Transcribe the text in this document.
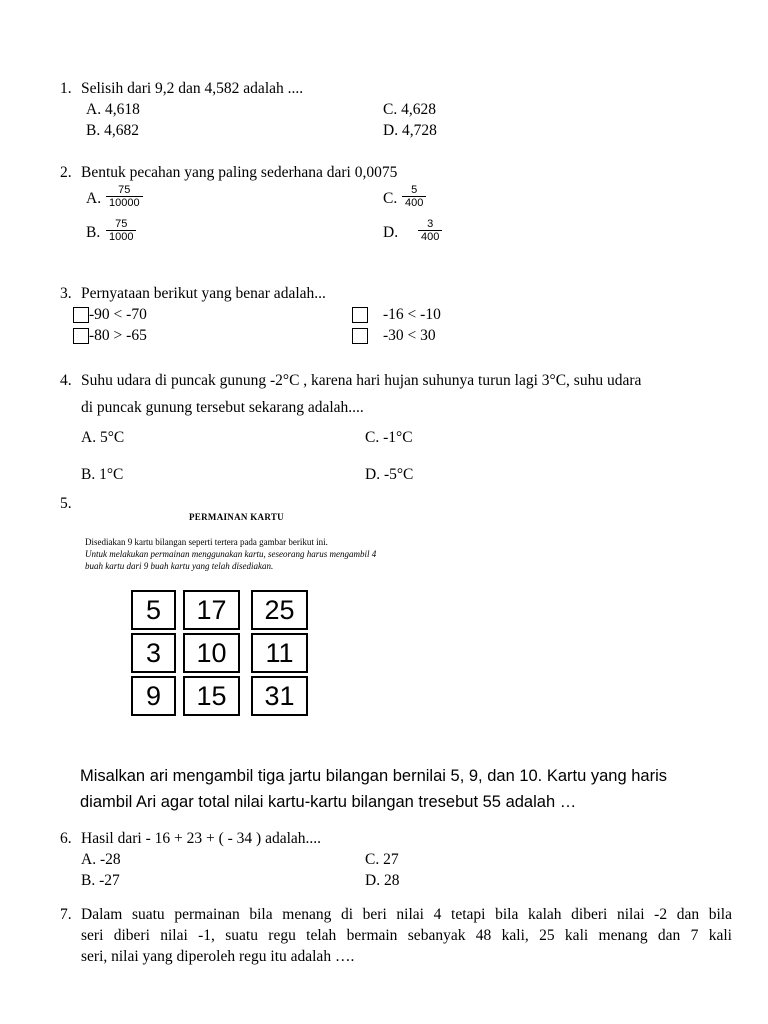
1. Selisih dari 9,2 dan 4,582 adalah ....
A. 4,618	C. 4,628
B. 4,682	D. 4,728
2. Bentuk pecahan yang paling sederhana dari 0,0075
A. $\frac{75}{10000}$	C. $\frac{5}{400}$
B. $\frac{75}{1000}$	D. $\frac{3}{400}$
3. Pernyataan berikut yang benar adalah...
-90 < -70	-16 < -10
-80 > -65	-30 < 30
4. Suhu udara di puncak gunung -2°C , karena hari hujan suhunya turun lagi 3°C, suhu udara
di puncak gunung tersebut sekarang adalah....
A. 5°C	C. -1°C
B. 1°C	D. -5°C
5.
PERMAINAN KARTU
Disediakan 9 kartu bilangan seperti tertera pada gambar berikut ini.
Untuk melakukan permainan menggunakan kartu, seseorang harus mengambil 4
buah kartu dari 9 buah kartu yang telah disediakan.
5	17	25
3	10	11
9	15	31
Misalkan ari mengambil tiga jartu bilangan bernilai 5, 9, dan 10. Kartu yang haris
diambil Ari agar total nilai kartu-kartu bilangan tresebut 55 adalah …
6. Hasil dari - 16 + 23 + ( - 34 ) adalah....
A. -28	C. 27
B. -27	D. 28
7. Dalam suatu permainan bila menang di beri nilai 4 tetapi bila kalah diberi nilai -2 dan bila
seri diberi nilai -1, suatu regu telah bermain sebanyak 48 kali, 25 kali menang dan 7 kali
seri, nilai yang diperoleh regu itu adalah ….
